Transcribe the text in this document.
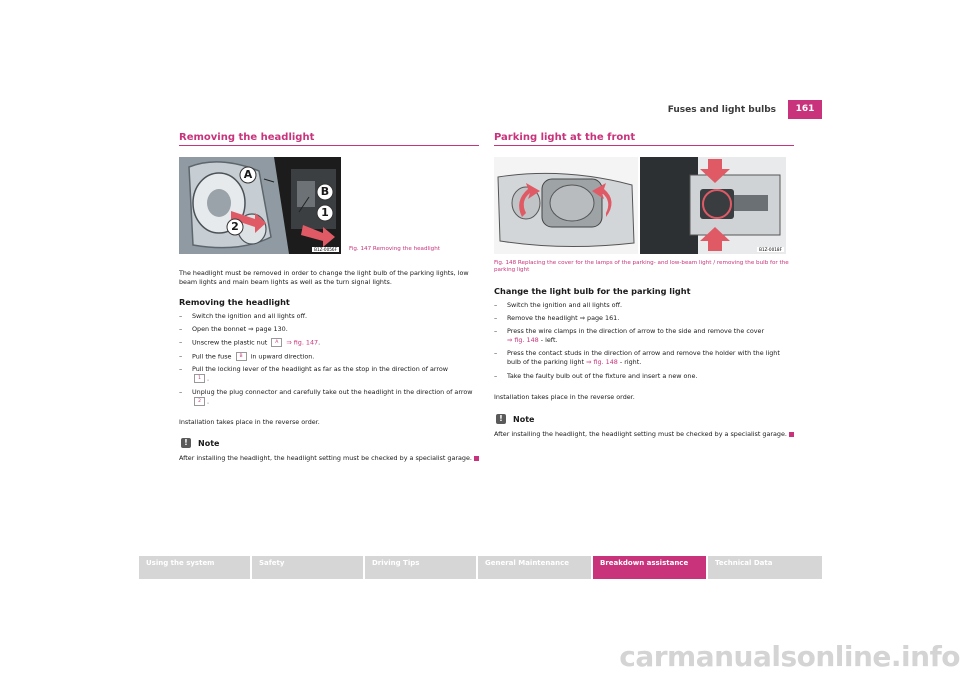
Fuses and light bulbs	161
Removing the headlight
A
B
1
2
B1Z-0056F	Fig. 147 Removing the headlight
The headlight must be removed in order to change the light bulb of the parking lights, low beam lights and main beam lights as well as the turn signal lights.
Removing the headlight
– Switch the ignition and all lights off.
– Open the bonnet ⇒ page 130.
– Unscrew the plastic nut A ⇒ fig. 147.
– Pull the fuse B in upward direction.
– Pull the locking lever of the headlight as far as the stop in the direction of arrow
1 .
– Unplug the plug connector and carefully take out the headlight in the direction of arrow 2 .
Installation takes place in the reverse order.
!	Note
After installing the headlight, the headlight setting must be checked by a specialist garage.
Parking light at the front
B1Z-0018F
Fig. 148 Replacing the cover for the lamps of the parking- and low-beam light / removing the bulb for the parking light
Change the light bulb for the parking light
– Switch the ignition and all lights off.
– Remove the headlight ⇒ page 161.
– Press the wire clamps in the direction of arrow to the side and remove the cover
⇒ fig. 148 - left.
– Press the contact studs in the direction of arrow and remove the holder with the light bulb of the parking light ⇒ fig. 148 - right.
– Take the faulty bulb out of the fixture and insert a new one.
Installation takes place in the reverse order.
!	Note
After installing the headlight, the headlight setting must be checked by a specialist garage.
Using the system	Safety	Driving Tips	General Maintenance	Breakdown assistance	Technical Data
carmanualsonline.info
